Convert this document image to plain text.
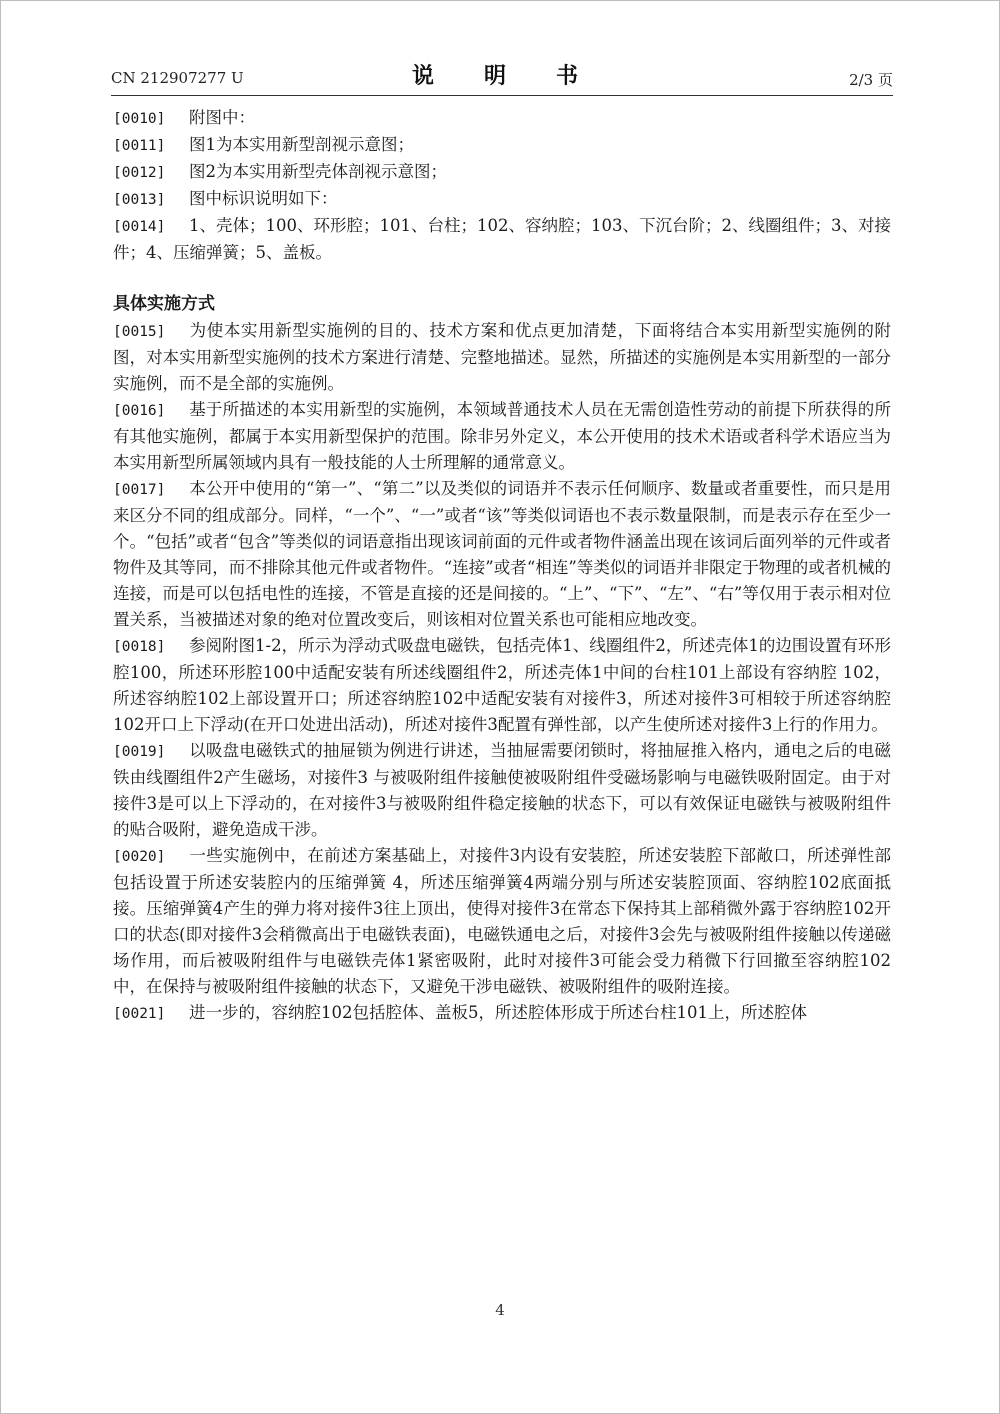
CN 212907277 U	说　明　书	2/3 页
[0010] 附图中：
[0011] 图1为本实用新型剖视示意图；
[0012] 图2为本实用新型壳体剖视示意图；
[0013] 图中标识说明如下：
[0014] 1、壳体；100、环形腔；101、台柱；102、容纳腔；103、下沉台阶；2、线圈组件；3、对接件；4、压缩弹簧；5、盖板。
具体实施方式
[0015] 为使本实用新型实施例的目的、技术方案和优点更加清楚，下面将结合本实用新型实施例的附图，对本实用新型实施例的技术方案进行清楚、完整地描述。显然，所描述的实施例是本实用新型的一部分实施例，而不是全部的实施例。
[0016] 基于所描述的本实用新型的实施例，本领域普通技术人员在无需创造性劳动的前提下所获得的所有其他实施例，都属于本实用新型保护的范围。除非另外定义，本公开使用的技术术语或者科学术语应当为本实用新型所属领域内具有一般技能的人士所理解的通常意义。
[0017] 本公开中使用的“第一”、“第二”以及类似的词语并不表示任何顺序、数量或者重要性，而只是用来区分不同的组成部分。同样，“一个”、“一”或者“该”等类似词语也不表示数量限制，而是表示存在至少一个。“包括”或者“包含”等类似的词语意指出现该词前面的元件或者物件涵盖出现在该词后面列举的元件或者物件及其等同，而不排除其他元件或者物件。“连接”或者“相连”等类似的词语并非限定于物理的或者机械的连接，而是可以包括电性的连接，不管是直接的还是间接的。“上”、“下”、“左”、“右”等仅用于表示相对位置关系，当被描述对象的绝对位置改变后，则该相对位置关系也可能相应地改变。
[0018] 参阅附图1-2，所示为浮动式吸盘电磁铁，包括壳体1、线圈组件2，所述壳体1的边围设置有环形腔100，所述环形腔100中适配安装有所述线圈组件2，所述壳体1中间的台柱101上部设有容纳腔 102，所述容纳腔102上部设置开口；所述容纳腔102中适配安装有对接件3，所述对接件3可相较于所述容纳腔102开口上下浮动(在开口处进出活动)，所述对接件3配置有弹性部，以产生使所述对接件3上行的作用力。
[0019] 以吸盘电磁铁式的抽屉锁为例进行讲述，当抽屉需要闭锁时，将抽屉推入格内，通电之后的电磁铁由线圈组件2产生磁场，对接件3 与被吸附组件接触使被吸附组件受磁场影响与电磁铁吸附固定。由于对接件3是可以上下浮动的，在对接件3与被吸附组件稳定接触的状态下，可以有效保证电磁铁与被吸附组件的贴合吸附，避免造成干涉。
[0020] 一些实施例中，在前述方案基础上，对接件3内设有安装腔，所述安装腔下部敞口，所述弹性部包括设置于所述安装腔内的压缩弹簧 4，所述压缩弹簧4两端分别与所述安装腔顶面、容纳腔102底面抵接。压缩弹簧4产生的弹力将对接件3往上顶出，使得对接件3在常态下保持其上部稍微外露于容纳腔102开口的状态(即对接件3会稍微高出于电磁铁表面)，电磁铁通电之后，对接件3会先与被吸附组件接触以传递磁场作用，而后被吸附组件与电磁铁壳体1紧密吸附，此时对接件3可能会受力稍微下行回撤至容纳腔102中，在保持与被吸附组件接触的状态下，又避免干涉电磁铁、被吸附组件的吸附连接。
[0021] 进一步的，容纳腔102包括腔体、盖板5，所述腔体形成于所述台柱101上，所述腔体
4
